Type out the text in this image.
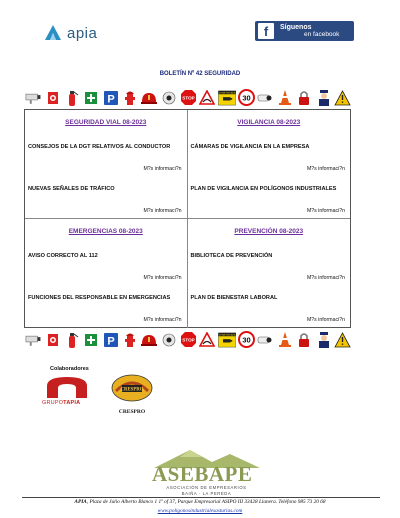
apia	f	Síguenos
en facebook
BOLETÍN Nº 42 SEGURIDAD
P	STOP
ZONA VIGILADA
30
SEGURIDAD VIAL 08-2023
CONSEJOS DE LA DGT RELATIVOS AL CONDUCTOR
M?s informaci?n
NUEVAS SEÑALES DE TRÁFICO
M?s informaci?n
VIGILANCIA 08-2023
CÁMARAS DE VIGILANCIA EN LA EMPRESA
M?s informaci?n
PLAN DE VIGILANCIA EN POLÍGONOS INDUSTRIALES
M?s informaci?n
EMERGENCIAS 08-2023
AVISO CORRECTO AL 112
M?s informaci?n
FUNCIONES DEL RESPONSABLE EN EMERGENCIAS
M?s informaci?n
PREVENCIÓN 08-2023
BIBLIOTECA DE PREVENCIÓN
M?s informaci?n
PLAN DE BIENESTAR LABORAL
M?s informaci?n
P	STOP
ZONA VIGILADA
30
Colaboradores
GRUPOTAPIA
CRESPRO
CRESPRO
ASEBAPE
ASOCIACIÓN DE EMPRESARIOS
BAIÑA · LA PEREDA
APIA, Plaza de Julio Alberto Blanco 1 1º of 37, Parque Empresarial ASIPO III 33428 Llanera. Teléfono 985 73 20 68
www.poligonosindustrialesasturias.com
